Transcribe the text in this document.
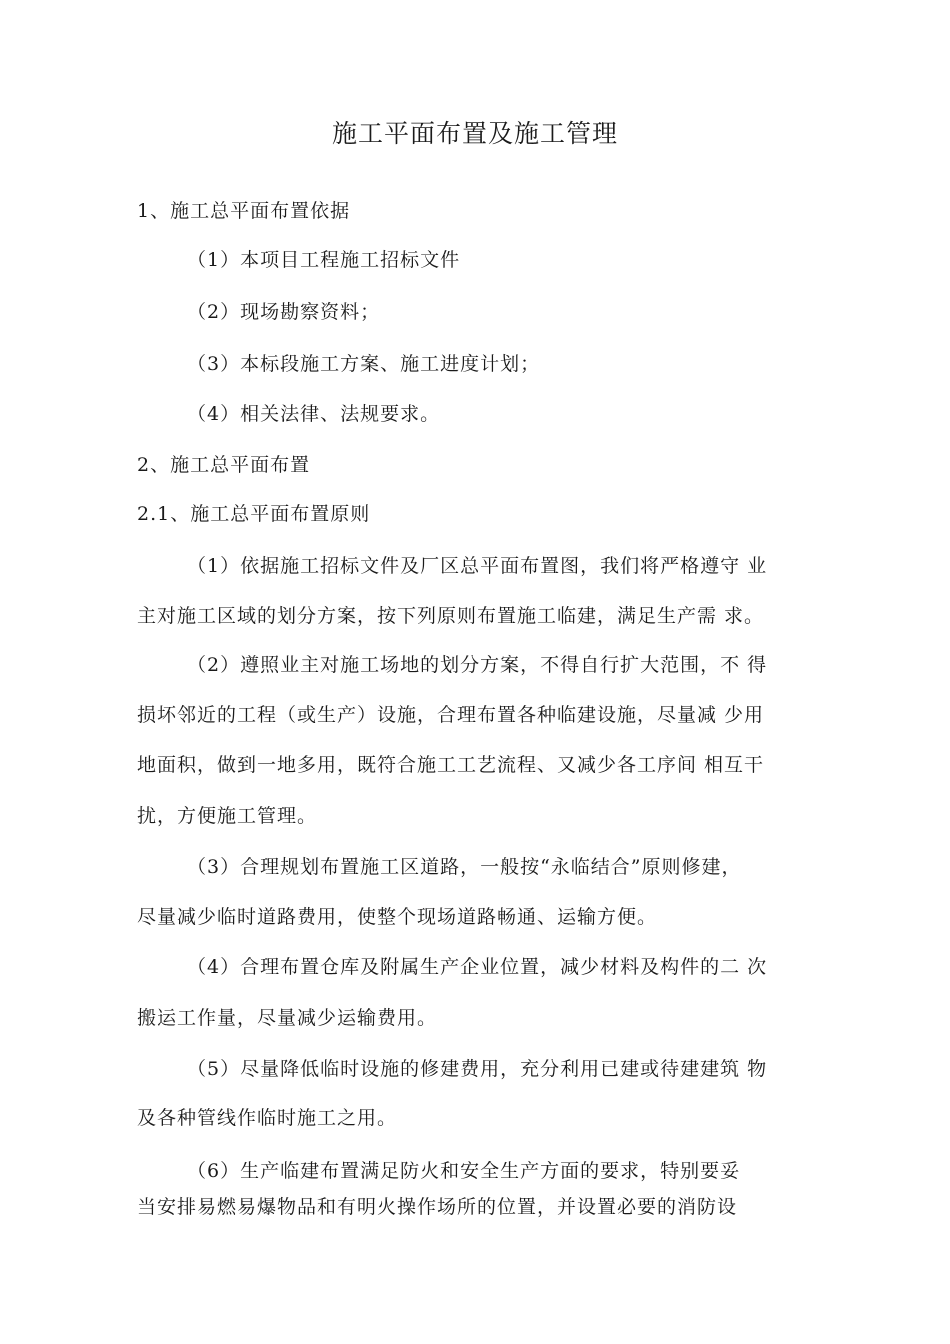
施工平面布置及施工管理
1、施工总平面布置依据
（1）本项目工程施工招标文件
（2）现场勘察资料；
（3）本标段施工方案、施工进度计划；
（4）相关法律、法规要求。
2、施工总平面布置
2.1、施工总平面布置原则
（1）依据施工招标文件及厂区总平面布置图，我们将严格遵守 业
主对施工区域的划分方案，按下列原则布置施工临建，满足生产需 求。
（2）遵照业主对施工场地的划分方案，不得自行扩大范围，不 得
损坏邻近的工程（或生产）设施，合理布置各种临建设施，尽量减 少用
地面积，做到一地多用，既符合施工工艺流程、又减少各工序间 相互干
扰，方便施工管理。
（3）合理规划布置施工区道路，一般按“永临结合”原则修建，
尽量减少临时道路费用，使整个现场道路畅通、运输方便。
（4）合理布置仓库及附属生产企业位置，减少材料及构件的二 次
搬运工作量，尽量减少运输费用。
（5）尽量降低临时设施的修建费用，充分利用已建或待建建筑 物
及各种管线作临时施工之用。
（6）生产临建布置满足防火和安全生产方面的要求，特别要妥
当安排易燃易爆物品和有明火操作场所的位置，并设置必要的消防设
